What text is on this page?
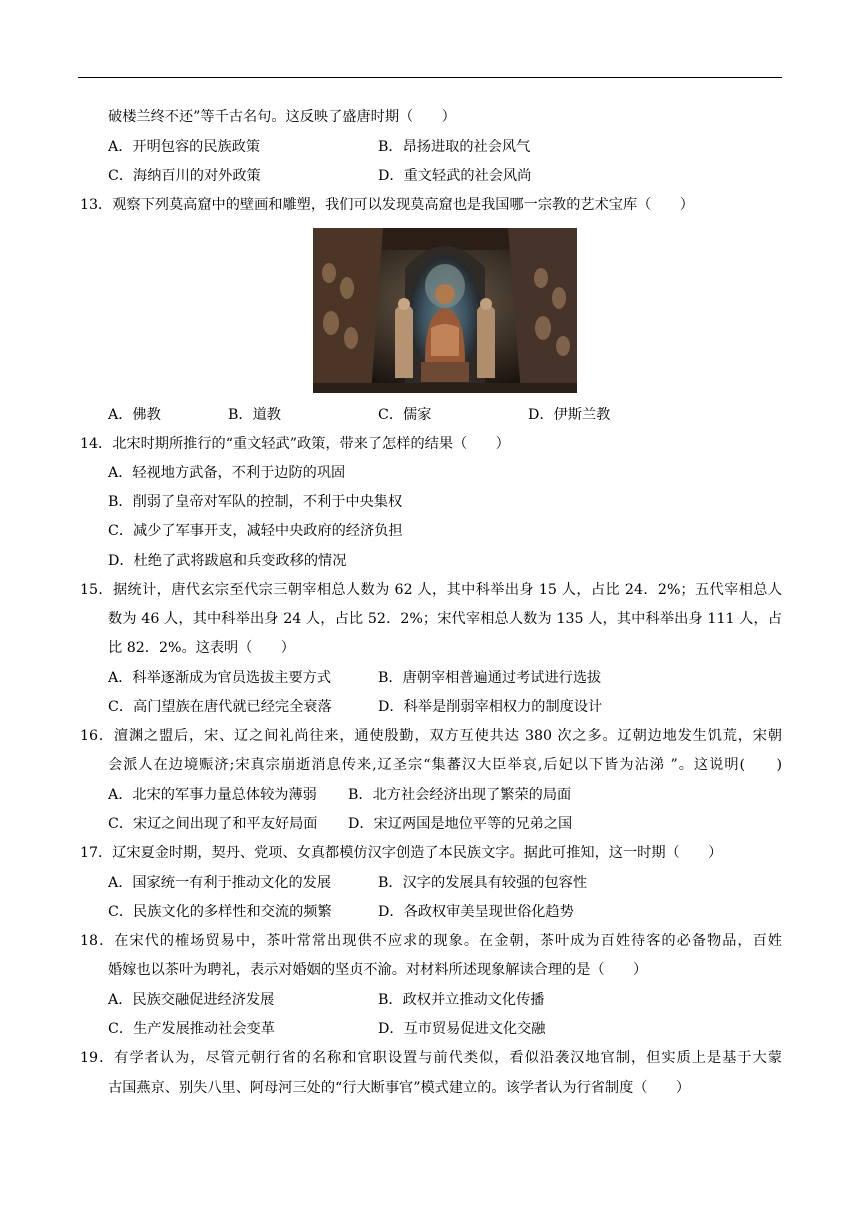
破楼兰终不还”等千古名句。这反映了盛唐时期（　　）
A．开明包容的民族政策	B．昂扬进取的社会风气
C．海纳百川的对外政策	D．重文轻武的社会风尚
13．观察下列莫高窟中的壁画和雕塑，我们可以发现莫高窟也是我国哪一宗教的艺术宝库（　　）
A．佛教	B．道教	C．儒家	D．伊斯兰教
14．北宋时期所推行的“重文轻武”政策，带来了怎样的结果（　　）
A．轻视地方武备，不利于边防的巩固
B．削弱了皇帝对军队的控制，不利于中央集权
C．减少了军事开支，减轻中央政府的经济负担
D．杜绝了武将跋扈和兵变政移的情况
15．据统计，唐代玄宗至代宗三朝宰相总人数为 62 人，其中科举出身 15 人，占比 24．2%；五代宰相总人
数为 46 人，其中科举出身 24 人，占比 52．2%；宋代宰相总人数为 135 人，其中科举出身 111 人，占
比 82．2%。这表明（　　）
A．科举逐渐成为官员选拔主要方式	B．唐朝宰相普遍通过考试进行选拔
C．高门望族在唐代就已经完全衰落	D．科举是削弱宰相权力的制度设计
16．澶渊之盟后，宋、辽之间礼尚往来，通使殷勤，双方互使共达 380 次之多。辽朝边地发生饥荒，宋朝
会派人在边境赈济;宋真宗崩逝消息传来,辽圣宗“集蕃汉大臣举哀,后妃以下皆为沾涕 ”。这说明(　　)
A．北宋的军事力量总体较为薄弱 B．北方社会经济出现了繁荣的局面
C．宋辽之间出现了和平友好局面 D．宋辽两国是地位平等的兄弟之国
17．辽宋夏金时期，契丹、党项、女真都模仿汉字创造了本民族文字。据此可推知，这一时期（　　）
A．国家统一有利于推动文化的发展	B．汉字的发展具有较强的包容性
C．民族文化的多样性和交流的频繁	D．各政权审美呈现世俗化趋势
18．在宋代的榷场贸易中，茶叶常常出现供不应求的现象。在金朝，茶叶成为百姓待客的必备物品，百姓
婚嫁也以茶叶为聘礼，表示对婚姻的坚贞不渝。对材料所述现象解读合理的是（　　）
A．民族交融促进经济发展	B．政权并立推动文化传播
C．生产发展推动社会变革	D．互市贸易促进文化交融
19．有学者认为，尽管元朝行省的名称和官职设置与前代类似，看似沿袭汉地官制，但实质上是基于大蒙
古国燕京、别失八里、阿母河三处的“行大断事官”模式建立的。该学者认为行省制度（　　）
